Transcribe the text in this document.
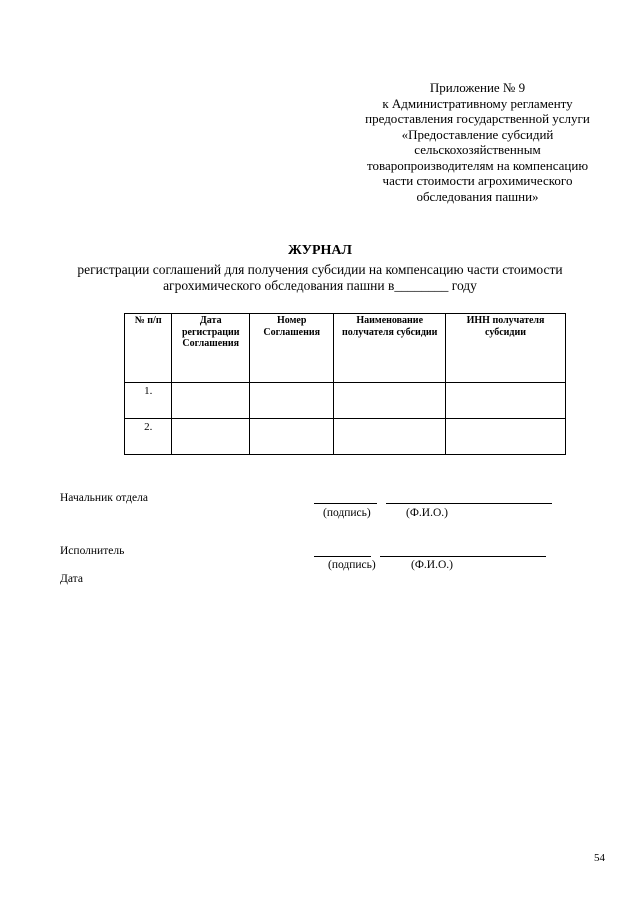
Приложение № 9
к Административному регламенту
предоставления государственной услуги
«Предоставление субсидий
сельскохозяйственным
товаропроизводителям на компенсацию
части стоимости агрохимического
обследования пашни»
ЖУРНАЛ
регистрации соглашений для получения субсидии на компенсацию части стоимости
агрохимического обследования пашни в________ году
№ п/п	Дата регистрации Соглашения	Номер Соглашения	Наименование получателя субсидии	ИНН получателя субсидии
1.				
2.				
Начальник отдела
(подпись)	(Ф.И.О.)
Исполнитель
(подпись)	(Ф.И.О.)
Дата
54
